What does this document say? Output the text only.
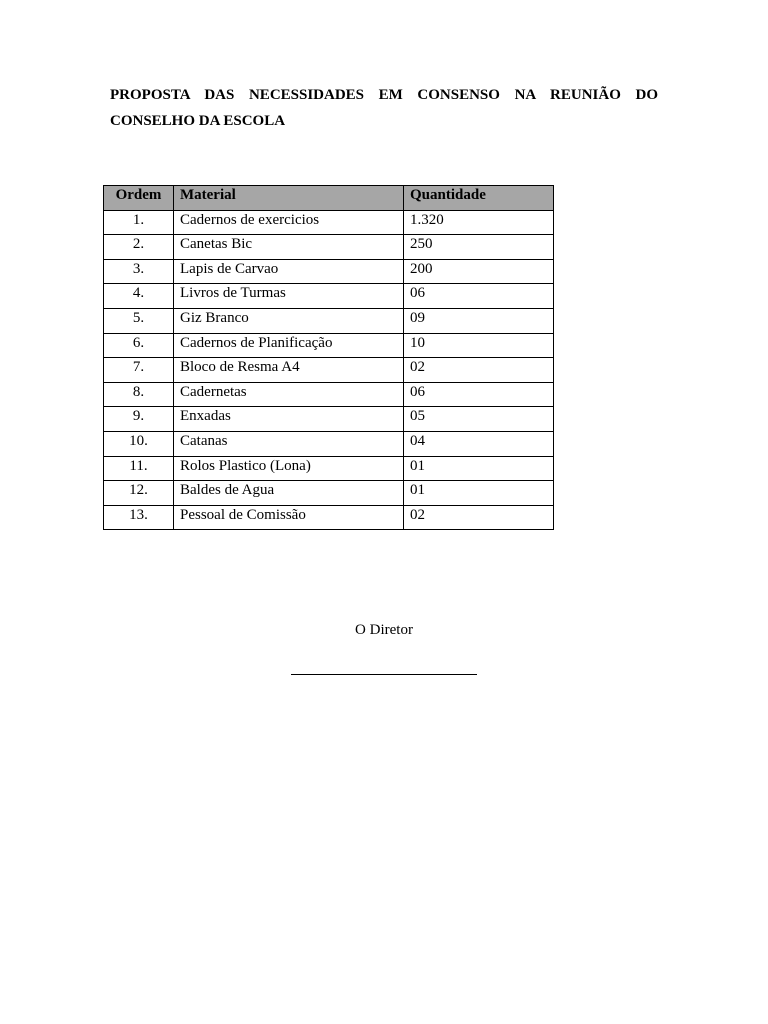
PROPOSTA DAS NECESSIDADES EM CONSENSO NA REUNIÃO DO CONSELHO DA ESCOLA

Ordem	Material	Quantidade
1.	Cadernos de exercicios	1.320
2.	Canetas Bic	250
3.	Lapis de Carvao	200
4.	Livros de Turmas	06
5.	Giz Branco	09
6.	Cadernos de Planificação	10
7.	Bloco de Resma A4	02
8.	Cadernetas	06
9.	Enxadas	05
10.	Catanas	04
11.	Rolos Plastico (Lona)	01
12.	Baldes de Agua	01
13.	Pessoal de Comissão	02
O Diretor
